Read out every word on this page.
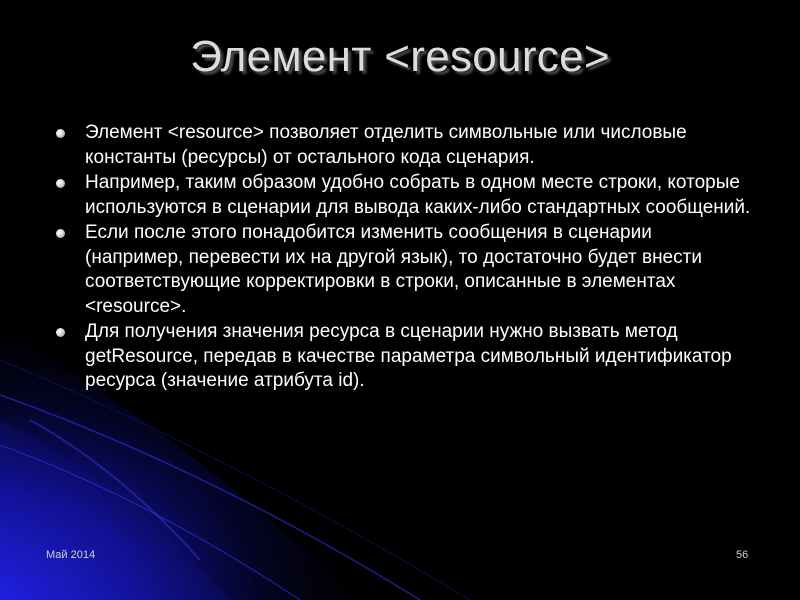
Элемент <resource>
Элемент <resource> позволяет отделить символьные или числовые константы (ресурсы) от остального кода сценария.
Например, таким образом удобно собрать в одном месте строки, которые используются в сценарии для вывода каких-либо стандартных сообщений.
Если после этого понадобится изменить сообщения в сценарии (например, перевести их на другой язык), то достаточно будет внести соответствующие корректировки в строки, описанные в элементах <resource>.
Для получения значения ресурса в сценарии нужно вызвать метод getResource, передав в качестве параметра символьный идентификатор ресурса (значение атрибута id).
Май 2014	56
